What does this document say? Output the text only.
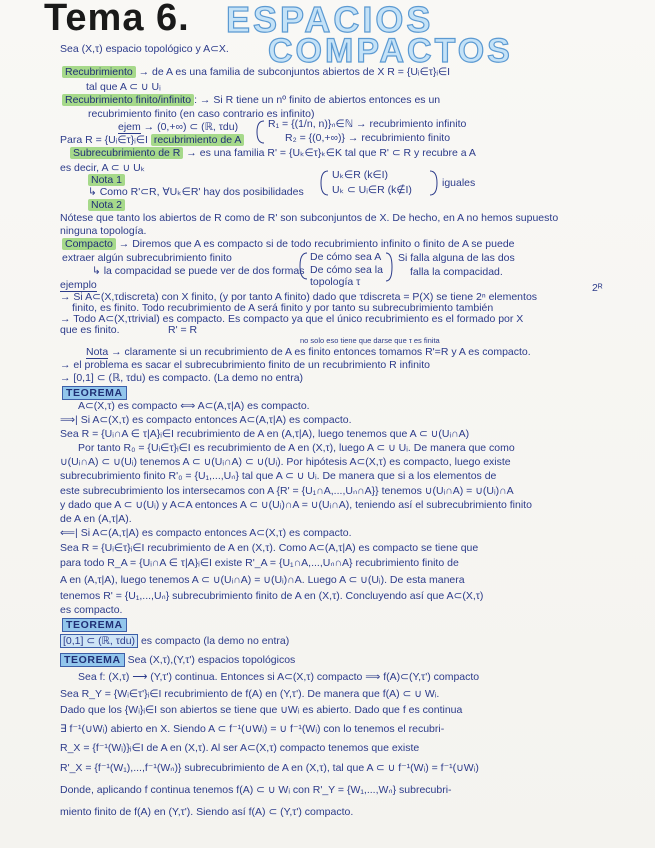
Tema 6. ESPACIOS
COMPACTOS
Sea (X,τ) espacio topológico y A⊂X.
Recubrimiento → de A es una familia de subconjuntos abiertos de X R = {Uᵢ∈τ}ᵢ∈I
tal que A ⊂ ∪ Uᵢ
Recubrimiento finito/infinito : → Si R tiene un nº finito de abiertos entonces es un
recubrimiento finito (en caso contrario es infinito)
ejem → (0,+∞) ⊂ (ℝ, τdu)	R₁ = {(1/n, n)}ₙ∈ℕ → recubrimiento infinito
R₂ = {(0,+∞)} → recubrimiento finito
Para R = {Uᵢ∈τ}ᵢ∈I recubrimiento de A
Subrecubrimiento de R → es una familia R' = {Uₖ∈τ}ₖ∈K tal que R' ⊂ R y recubre a A
es decir, A ⊂ ∪ Uₖ
Nota 1
↳ Como R'⊂R, ∀Uₖ∈R' hay dos posibilidades
Uₖ∈R (k∈I)
Uₖ ⊂ Uᵢ∈R (k∉I)
iguales
Nota 2
Nótese que tanto los abiertos de R como de R' son subconjuntos de X. De hecho, en A no hemos supuesto
ninguna topología.
Compacto → Diremos que A es compacto si de todo recubrimiento infinito o finito de A se puede
extraer algún subrecubrimiento finito
↳ la compacidad se puede ver de dos formas
De cómo sea A
De cómo sea la topología τ
Si falla alguna de las dos
falla la compacidad.
ejemplo	2ᴿ
→ Si A⊂(X,τdiscreta) con X finito, (y por tanto A finito) dado que τdiscreta = P(X) se tiene 2ⁿ elementos
finito, es finito. Todo recubrimiento de A será finito y por tanto su subrecubrimiento también
→ Todo A⊂(X,τtrivial) es compacto. Es compacto ya que el único recubrimiento es el formado por X
que es finito.	R' = R
no solo eso tiene que darse que τ es finita
Nota → claramente si un recubrimiento de A es finito entonces tomamos R'=R y A es compacto.
→ el problema es sacar el subrecubrimiento finito de un recubrimiento R infinito
→ [0,1] ⊂ (ℝ, τdu) es compacto. (La demo no entra)
TEOREMA
A⊂(X,τ) es compacto ⟺ A⊂(A,τ|A) es compacto.
⟹| Si A⊂(X,τ) es compacto entonces A⊂(A,τ|A) es compacto.
Sea R = {Uᵢ∩A ∈ τ|A}ᵢ∈I recubrimiento de A en (A,τ|A), luego tenemos que A ⊂ ∪(Uᵢ∩A)
Por tanto R₀ = {Uᵢ∈τ}ᵢ∈I es recubrimiento de A en (X,τ), luego A ⊂ ∪ Uᵢ. De manera que como
∪(Uᵢ∩A) ⊂ ∪(Uᵢ) tenemos A ⊂ ∪(Uᵢ∩A) ⊂ ∪(Uᵢ). Por hipótesis A⊂(X,τ) es compacto, luego existe
subrecubrimiento finito R'₀ = {U₁,...,Uₙ} tal que A ⊂ ∪ Uᵢ. De manera que si a los elementos de
este subrecubrimiento los intersecamos con A {R' = {U₁∩A,...,Uₙ∩A}} tenemos ∪(Uᵢ∩A) = ∪(Uᵢ)∩A
y dado que A ⊂ ∪(Uᵢ) y A⊂A entonces A ⊂ ∪(Uᵢ)∩A = ∪(Uᵢ∩A), teniendo así el subrecubrimiento finito
de A en (A,τ|A).
⟸| Si A⊂(A,τ|A) es compacto entonces A⊂(X,τ) es compacto.
Sea R = {Uᵢ∈τ}ᵢ∈I recubrimiento de A en (X,τ). Como A⊂(A,τ|A) es compacto se tiene que
para todo R_A = {Uᵢ∩A ∈ τ|A}ᵢ∈I existe R'_A = {U₁∩A,...,Uₙ∩A} recubrimiento finito de
A en (A,τ|A), luego tenemos A ⊂ ∪(Uᵢ∩A) = ∪(Uᵢ)∩A. Luego A ⊂ ∪(Uᵢ). De esta manera
tenemos R' = {U₁,...,Uₙ} subrecubrimiento finito de A en (X,τ). Concluyendo así que A⊂(X,τ)
es compacto.
TEOREMA
[0,1] ⊂ (ℝ, τdu) es compacto (la demo no entra)
TEOREMA Sea (X,τ),(Y,τ') espacios topológicos
Sea f: (X,τ) ⟶ (Y,τ') continua. Entonces si A⊂(X,τ) compacto ⟹ f(A)⊂(Y,τ') compacto
Sea R_Y = {Wᵢ∈τ'}ᵢ∈I recubrimiento de f(A) en (Y,τ'). De manera que f(A) ⊂ ∪ Wᵢ.
Dado que los {Wᵢ}ᵢ∈I son abiertos se tiene que ∪Wᵢ es abierto. Dado que f es continua
∃ f⁻¹(∪Wᵢ) abierto en X. Siendo A ⊂ f⁻¹(∪Wᵢ) = ∪ f⁻¹(Wᵢ) con lo tenemos el recubri-
R_X = {f⁻¹(Wᵢ)}ᵢ∈I de A en (X,τ). Al ser A⊂(X,τ) compacto tenemos que existe
R'_X = {f⁻¹(W₁),...,f⁻¹(Wₙ)} subrecubrimiento de A en (X,τ), tal que A ⊂ ∪ f⁻¹(Wᵢ) = f⁻¹(∪Wᵢ)
Donde, aplicando f continua tenemos f(A) ⊂ ∪ Wᵢ con R'_Y = {W₁,...,Wₙ} subrecubri-
miento finito de f(A) en (Y,τ'). Siendo así f(A) ⊂ (Y,τ') compacto.
